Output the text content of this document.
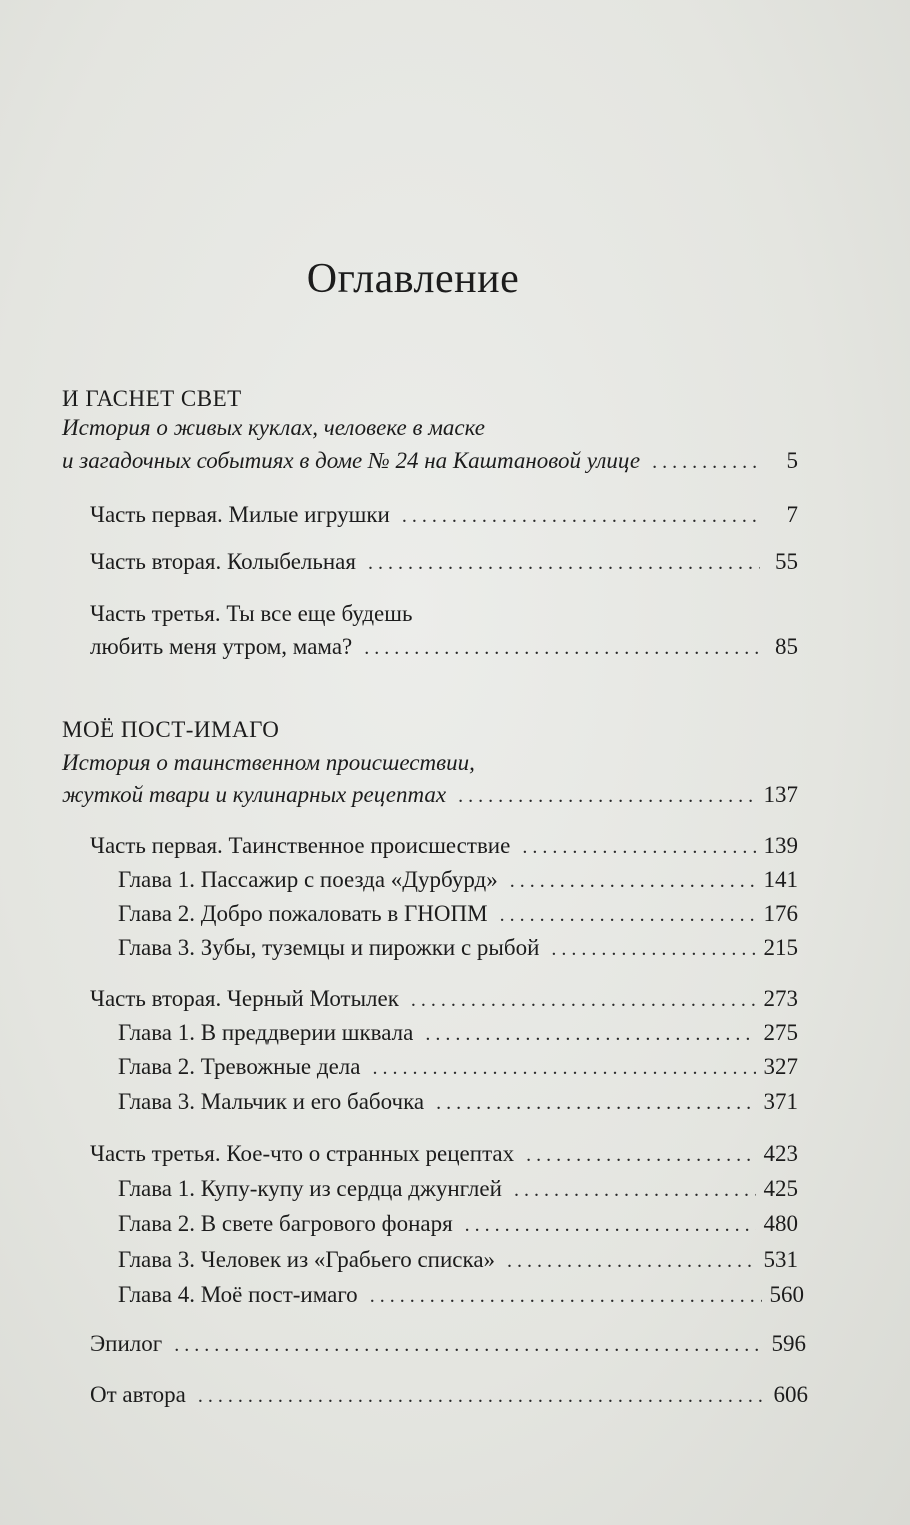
Оглавление
И ГАСНЕТ СВЕТ
История о живых куклах, человеке в маске
и загадочных событиях в доме № 24 на Каштановой улице . . .	5
Часть первая. Милые игрушки . . .	7
Часть вторая. Колыбельная . . .	55
Часть третья. Ты все еще будешь
любить меня утром, мама? . . .	85
МОЁ ПОСТ-ИМАГО
История о таинственном происшествии,
жуткой твари и кулинарных рецептах . . .	137
Часть первая. Таинственное происшествие . . .	139
Глава 1. Пассажир с поезда «Дурбурд» . . .	141
Глава 2. Добро пожаловать в ГНОПМ . . .	176
Глава 3. Зубы, туземцы и пирожки с рыбой . . .	215
Часть вторая. Черный Мотылек . . .	273
Глава 1. В преддверии шквала . . .	275
Глава 2. Тревожные дела . . .	327
Глава 3. Мальчик и его бабочка . . .	371
Часть третья. Кое-что о странных рецептах . . .	423
Глава 1. Купу-купу из сердца джунглей . . .	425
Глава 2. В свете багрового фонаря . . .	480
Глава 3. Человек из «Грабьего списка» . . .	531
Глава 4. Моё пост-имаго . . .	560
Эпилог . . .	596
От автора . . .	606
